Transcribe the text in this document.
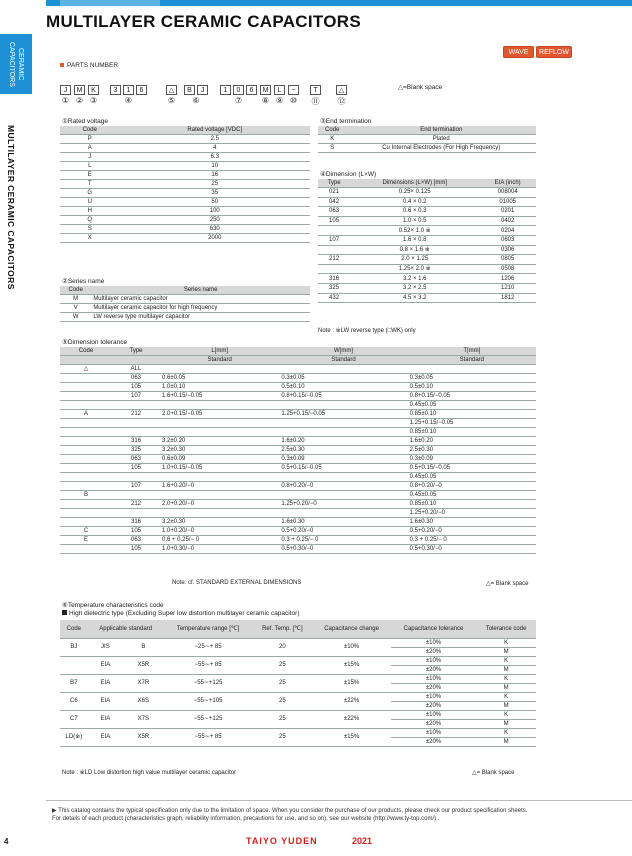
MULTILAYER CERAMIC CAPACITORS
CERAMIC CAPACITORS
MULTILAYER CERAMIC CAPACITORS
WAVE	REFLOW
PARTS NUMBER
J
①
M
②
K
③
3	1	6
④
△
⑤
B	J
⑥
1	0	6
⑦
M
⑧
L
⑨
−
⑩
T
⑪
△
⑫
△=Blank space
①Rated voltage
Code	Rated voltage [VDC]
P	2.5
A	4
J	6.3
L	10
E	16
T	25
G	35
U	50
H	100
Q	250
S	630
X	2000
②Series name
Code	Series name
M	Multilayer ceramic capacitor
V	Multilayer ceramic capacitor for high frequency
W	LW reverse type multilayer capacitor
③End termination
Code	End termination
K	Plated
S	Cu Internal Electrodes (For High Frequency)
④Dimension (L×W)
Type	Dimensions (L×W) [mm]	EIA (inch)
021	0.25× 0.125	008004
042	0.4 × 0.2	01005
063	0.6 × 0.3	0201
105	1.0 × 0.5	0402
	0.52× 1.0 ※	0204
107	1.6 × 0.8	0603
	0.8 × 1.6 ※	0306
212	2.0 × 1.25	0805
	1.25× 2.0 ※	0508
316	3.2 × 1.6	1206
325	3.2 × 2.5	1210
432	4.5 × 3.2	1812
Note : ※LW reverse type (□WK) only
⑤Dimension tolerance
Code	Type	L[mm]	W[mm]	T[mm]
		Standard	Standard	Standard
△	ALL			
	063	0.6±0.05	0.3±0.05	0.3±0.05
	105	1.0±0.10	0.5±0.10	0.5±0.10
	107	1.6+0.15/−0.05	0.8+0.15/−0.05	0.8+0.15/−0.05
				0.45±0.05
A	212	2.0+0.15/−0.05	1.25+0.15/−0.05	0.85±0.10
				1.25+0.15/−0.05
				0.85±0.10
	316	3.2±0.20	1.6±0.20	1.6±0.20
	325	3.2±0.30	2.5±0.30	2.5±0.30
	063	0.6±0.09	0.3±0.09	0.3±0.09
	105	1.0+0.15/−0.05	0.5+0.15/−0.05	0.5+0.15/−0.05
				0.45±0.05
	107	1.6+0.20/−0	0.8+0.20/−0	0.8+0.20/−0
B				0.45±0.05
	212	2.0+0.20/−0	1.25+0.20/−0	0.85±0.10
				1.25+0.20/−0
	316	3.2±0.30	1.6±0.30	1.6±0.30
C	105	1.0+0.20/−0	0.5+0.20/−0	0.5+0.20/−0
E	063	0.6 + 0.25/− 0	0.3 + 0.25/− 0	0.3 + 0.25/− 0
	105	1.0+0.30/−0	0.5+0.30/−0	0.5+0.30/−0
Note: cf. STANDARD EXTERNAL DIMENSIONS	△= Blank space
⑥Temperature characteristics code
High dielectric type (Excluding Super low distortion multilayer ceramic capacitor)
Code	Applicable standard		Temperature range [℃]	Ref. Temp. [℃]	Capacitance change	Capacitance tolerance	Tolerance code
BJ	JIS	B	−25∼+ 85	20	±10%	±10%	K
						±20%	M
	EIA	X5R	−55∼+ 85	25	±15%	±10%	K
						±20%	M
B7	EIA	X7R	−55∼+125	25	±15%	±10%	K
						±20%	M
C6	EIA	X6S	−55∼+105	25	±22%	±10%	K
						±20%	M
C7	EIA	X7S	−55∼+125	25	±22%	±10%	K
						±20%	M
LD(※)	EIA	X5R	−55∼+ 85	25	±15%	±10%	K
						±20%	M
Note : ※LD Low distortion high value multilayer ceramic capacitor	△= Blank space
▶ This catalog contains the typical specification only due to the limitation of space. When you consider the purchase of our products, please check our product specification sheets.
For details of each product (characteristics graph, reliability information, precautions for use, and so on), see our website (http://www.ty-top.com/) .
4	TAIYO YUDEN	2021
